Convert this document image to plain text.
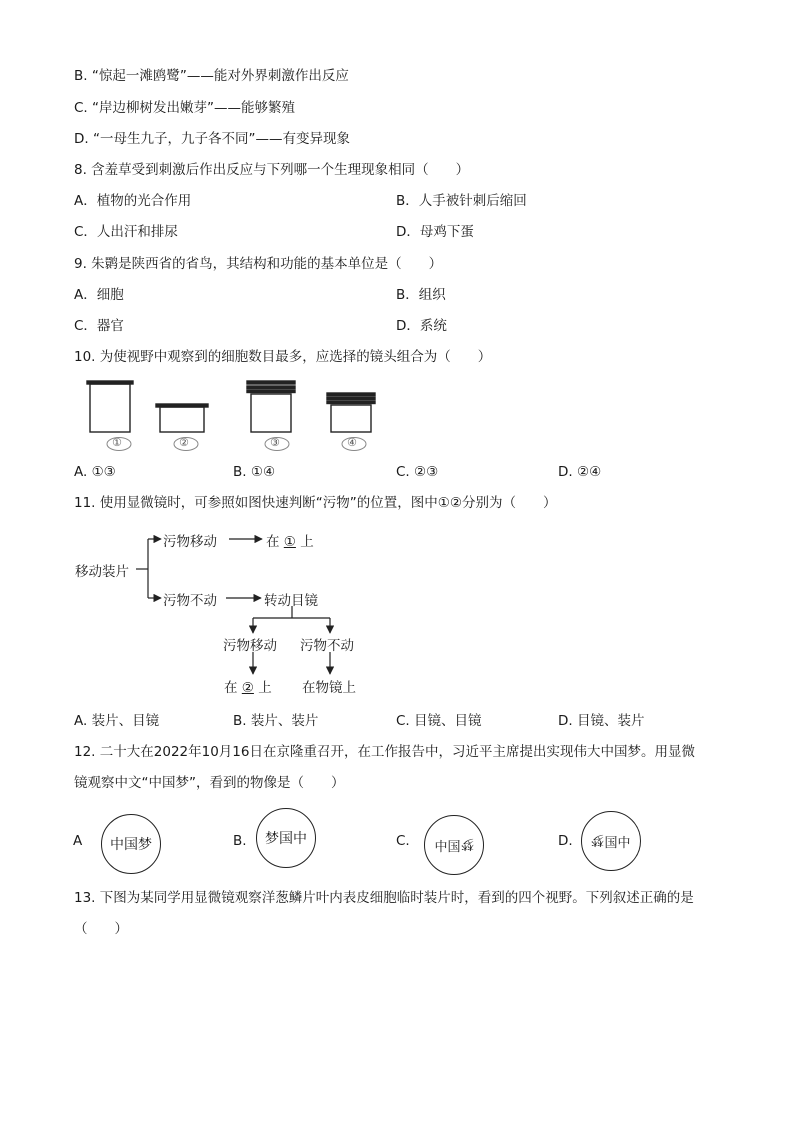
B. “惊起一滩鸥鹭”——能对外界刺激作出反应
C. “岸边柳树发出嫩芽”——能够繁殖
D. “一母生九子，九子各不同”——有变异现象
8. 含羞草受到刺激后作出反应与下列哪一个生理现象相同（　　）
A．植物的光合作用	B．人手被针刺后缩回
C．人出汗和排尿	D．母鸡下蛋
9. 朱鹮是陕西省的省鸟，其结构和功能的基本单位是（　　）
A．细胞	B．组织
C．器官	D．系统
10. 为使视野中观察到的细胞数目最多，应选择的镜头组合为（　　）
①	②	③	④
A. ①③	B. ①④	C. ②③	D. ②④
11. 使用显微镜时，可参照如图快速判断“污物”的位置，图中①②分别为（　　）
移动装片
污物移动	在 ① 上
污物不动	转动目镜
污物移动 污物不动
在 ② 上 在物镜上
A. 装片、目镜	B. 装片、装片	C. 目镜、目镜	D. 目镜、装片
12. 二十大在2022年10月16日在京隆重召开，在工作报告中，习近平主席提出实现伟大中国梦。用显微
镜观察中文“中国梦”，看到的物像是（　　）
A 中国梦	B. 梦国中	C. 中国 梦	D. 梦 国中
13. 下图为某同学用显微镜观察洋葱鳞片叶内表皮细胞临时装片时，看到的四个视野。下列叙述正确的是
（　　）
